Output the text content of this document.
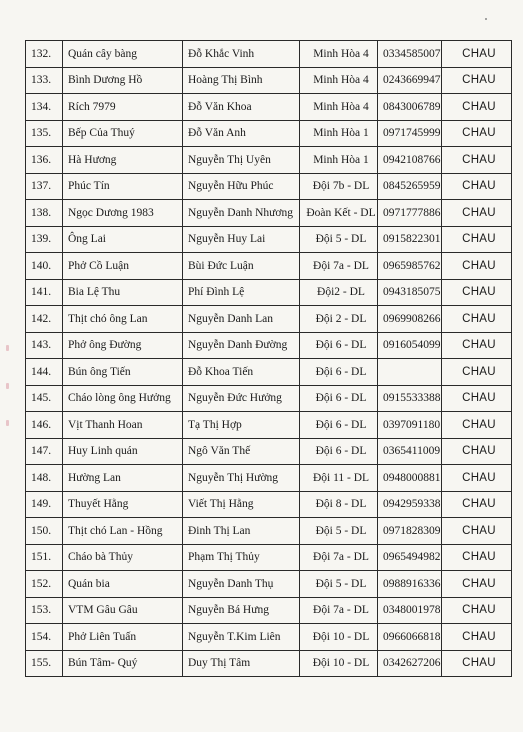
132.	Quán cây bàng	Đỗ Khắc Vinh	Minh Hòa 4	0334585007	CHAU
133.	Bình Dương Hồ	Hoàng Thị Bình	Minh Hòa 4	0243669947	CHAU
134.	Rích 7979	Đỗ Văn Khoa	Minh Hòa 4	0843006789	CHAU
135.	Bếp Của Thuý	Đỗ Văn Anh	Minh Hòa 1	0971745999	CHAU
136.	Hà Hương	Nguyễn Thị Uyên	Minh Hòa 1	0942108766	CHAU
137.	Phúc Tín	Nguyễn Hữu Phúc	Đội 7b - DL	0845265959	CHAU
138.	Ngọc Dương 1983	Nguyễn Danh Nhương	Đoàn Kết - DL	0971777886	CHAU
139.	Ông Lai	Nguyễn Huy Lai	Đội 5 - DL	0915822301	CHAU
140.	Phở Cồ Luận	Bùi Đức Luận	Đội 7a - DL	0965985762	CHAU
141.	Bia Lệ Thu	Phí Đình Lệ	Đội2 - DL	0943185075	CHAU
142.	Thịt chó ông Lan	Nguyễn Danh Lan	Đội 2 - DL	0969908266	CHAU
143.	Phở ông Đường	Nguyễn Danh Đường	Đội 6 - DL	0916054099	CHAU
144.	Bún ông Tiến	Đỗ Khoa Tiến	Đội 6 - DL		CHAU
145.	Cháo lòng ông Hưởng	Nguyễn Đức Hưởng	Đội 6 - DL	0915533388	CHAU
146.	Vịt Thanh Hoan	Tạ Thị Hợp	Đội 6 - DL	0397091180	CHAU
147.	Huy Linh quán	Ngô Văn Thế	Đội 6 - DL	0365411009	CHAU
148.	Hường Lan	Nguyễn Thị Hường	Đội 11 - DL	0948000881	CHAU
149.	Thuyết Hằng	Viết Thị Hằng	Đội 8 - DL	0942959338	CHAU
150.	Thịt chó Lan - Hồng	Đinh Thị Lan	Đội 5 - DL	0971828309	CHAU
151.	Cháo bà Thủy	Phạm Thị Thủy	Đội 7a - DL	0965494982	CHAU
152.	Quán bia	Nguyễn Danh Thụ	Đội 5 - DL	0988916336	CHAU
153.	VTM Gâu Gâu	Nguyễn Bá Hưng	Đội 7a - DL	0348001978	CHAU
154.	Phở Liên Tuấn	Nguyễn T.Kim Liên	Đội 10 - DL	0966066818	CHAU
155.	Bún Tâm- Quý	Duy Thị Tâm	Đội 10 - DL	0342627206	CHAU
